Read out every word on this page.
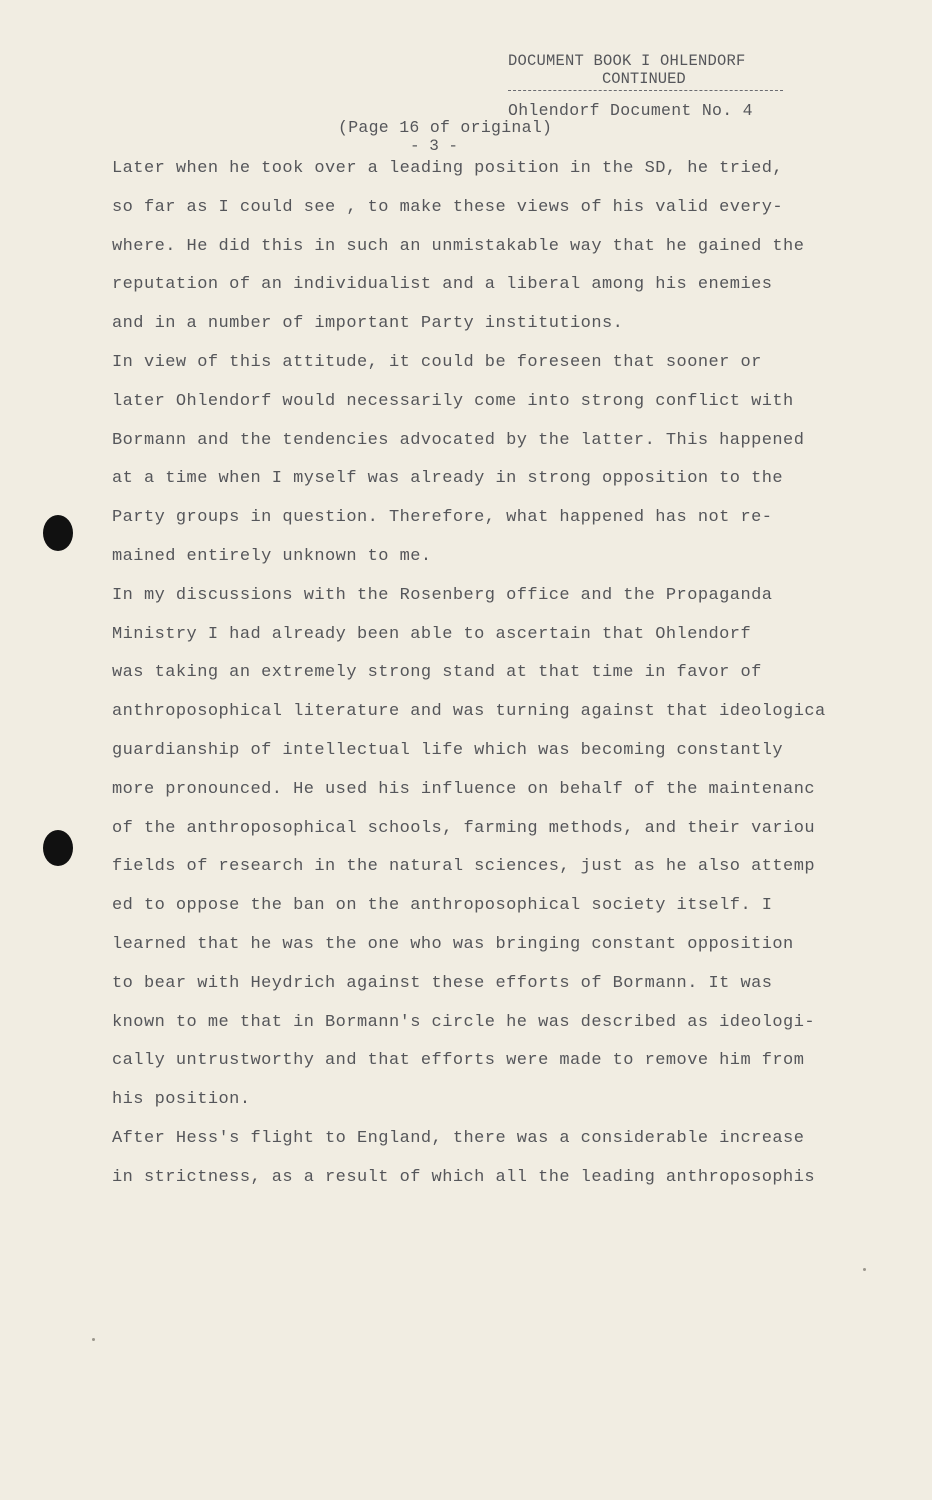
DOCUMENT BOOK I OHLENDORF
CONTINUED
Ohlendorf Document No. 4
(Page 16 of original)
- 3 -
Later when he took over a leading position in the SD, he tried,
so far as I could see , to make these views of his valid every-
where. He did this in such an unmistakable way that he gained the
reputation of an individualist and a liberal among his enemies
and in a number of important Party institutions.
In view of this attitude, it could be foreseen that sooner or
later Ohlendorf would necessarily come into strong conflict with
Bormann and the tendencies advocated by the latter. This happened
at a time when I myself was already in strong opposition to the
Party groups in question. Therefore, what happened has not re-
mained entirely unknown to me.
In my discussions with the Rosenberg office and the Propaganda
Ministry I had already been able to ascertain that Ohlendorf
was taking an extremely strong stand at that time in favor of
anthroposophical literature and was turning against that ideologica
guardianship of intellectual life which was becoming constantly
more pronounced. He used his influence on behalf of the maintenanc
of the anthroposophical schools, farming methods, and their variou
fields of research in the natural sciences, just as he also attemp
ed to oppose the ban on the anthroposophical society itself. I
learned that he was the one who was bringing constant opposition
to bear with Heydrich against these efforts of Bormann. It was
known to me that in Bormann's circle he was described as ideologi-
cally untrustworthy and that efforts were made to remove him from
his position.
After Hess's flight to England, there was a considerable increase
in strictness, as a result of which all the leading anthroposophis
